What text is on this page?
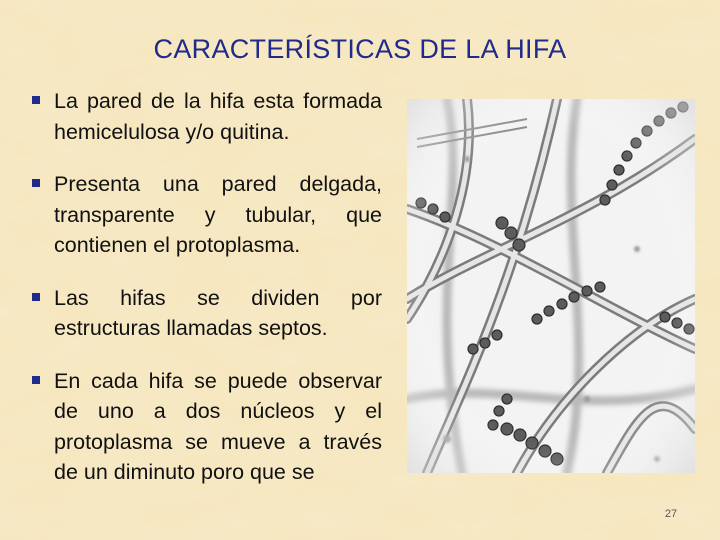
CARACTERÍSTICAS DE LA HIFA
La pared de la hifa esta formada hemicelulosa y/o quitina.
Presenta una pared delgada, transparente y tubular, que contienen el protoplasma.
Las hifas se dividen por estructuras llamadas septos.
En cada hifa se puede observar de uno a dos núcleos y el protoplasma se mueve a través de un diminuto poro que se
27
